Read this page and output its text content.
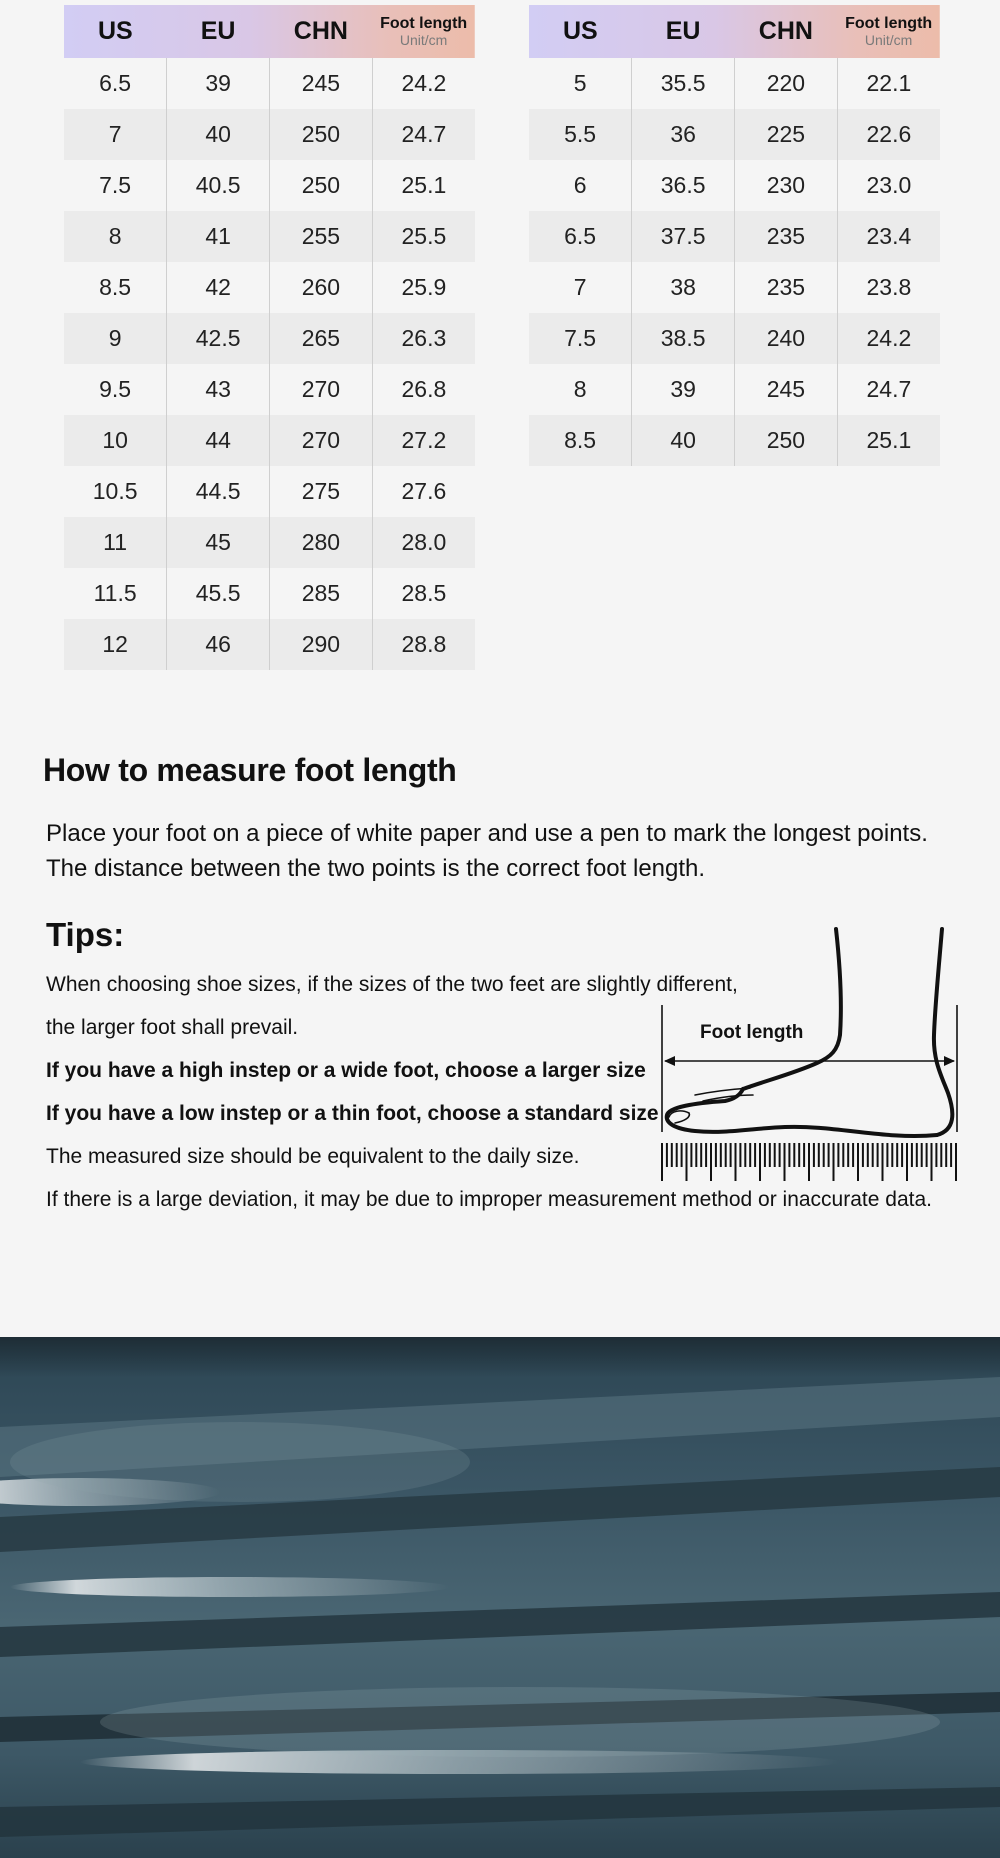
US	EU	CHN	Foot length
Unit/cm

6.5	39	245	24.2
7	40	250	24.7
7.5	40.5	250	25.1
8	41	255	25.5
8.5	42	260	25.9
9	42.5	265	26.3
9.5	43	270	26.8
10	44	270	27.2
10.5	44.5	275	27.6
11	45	280	28.0
11.5	45.5	285	28.5
12	46	290	28.8
US	EU	CHN	Foot length
Unit/cm

5	35.5	220	22.1
5.5	36	225	22.6
6	36.5	230	23.0
6.5	37.5	235	23.4
7	38	235	23.8
7.5	38.5	240	24.2
8	39	245	24.7
8.5	40	250	25.1
How to measure foot length

Place your foot on a piece of white paper and use a pen to mark the longest points.
The distance between the two points is the correct foot length.

Tips:

When choosing shoe sizes, if the sizes of the two feet are slightly different,

the larger foot shall prevail.

If you have a high instep or a wide foot, choose a larger size

If you have a low instep or a thin foot, choose a standard size

The measured size should be equivalent to the daily size.

If there is a large deviation, it may be due to improper measurement method or inaccurate data.

Foot length
